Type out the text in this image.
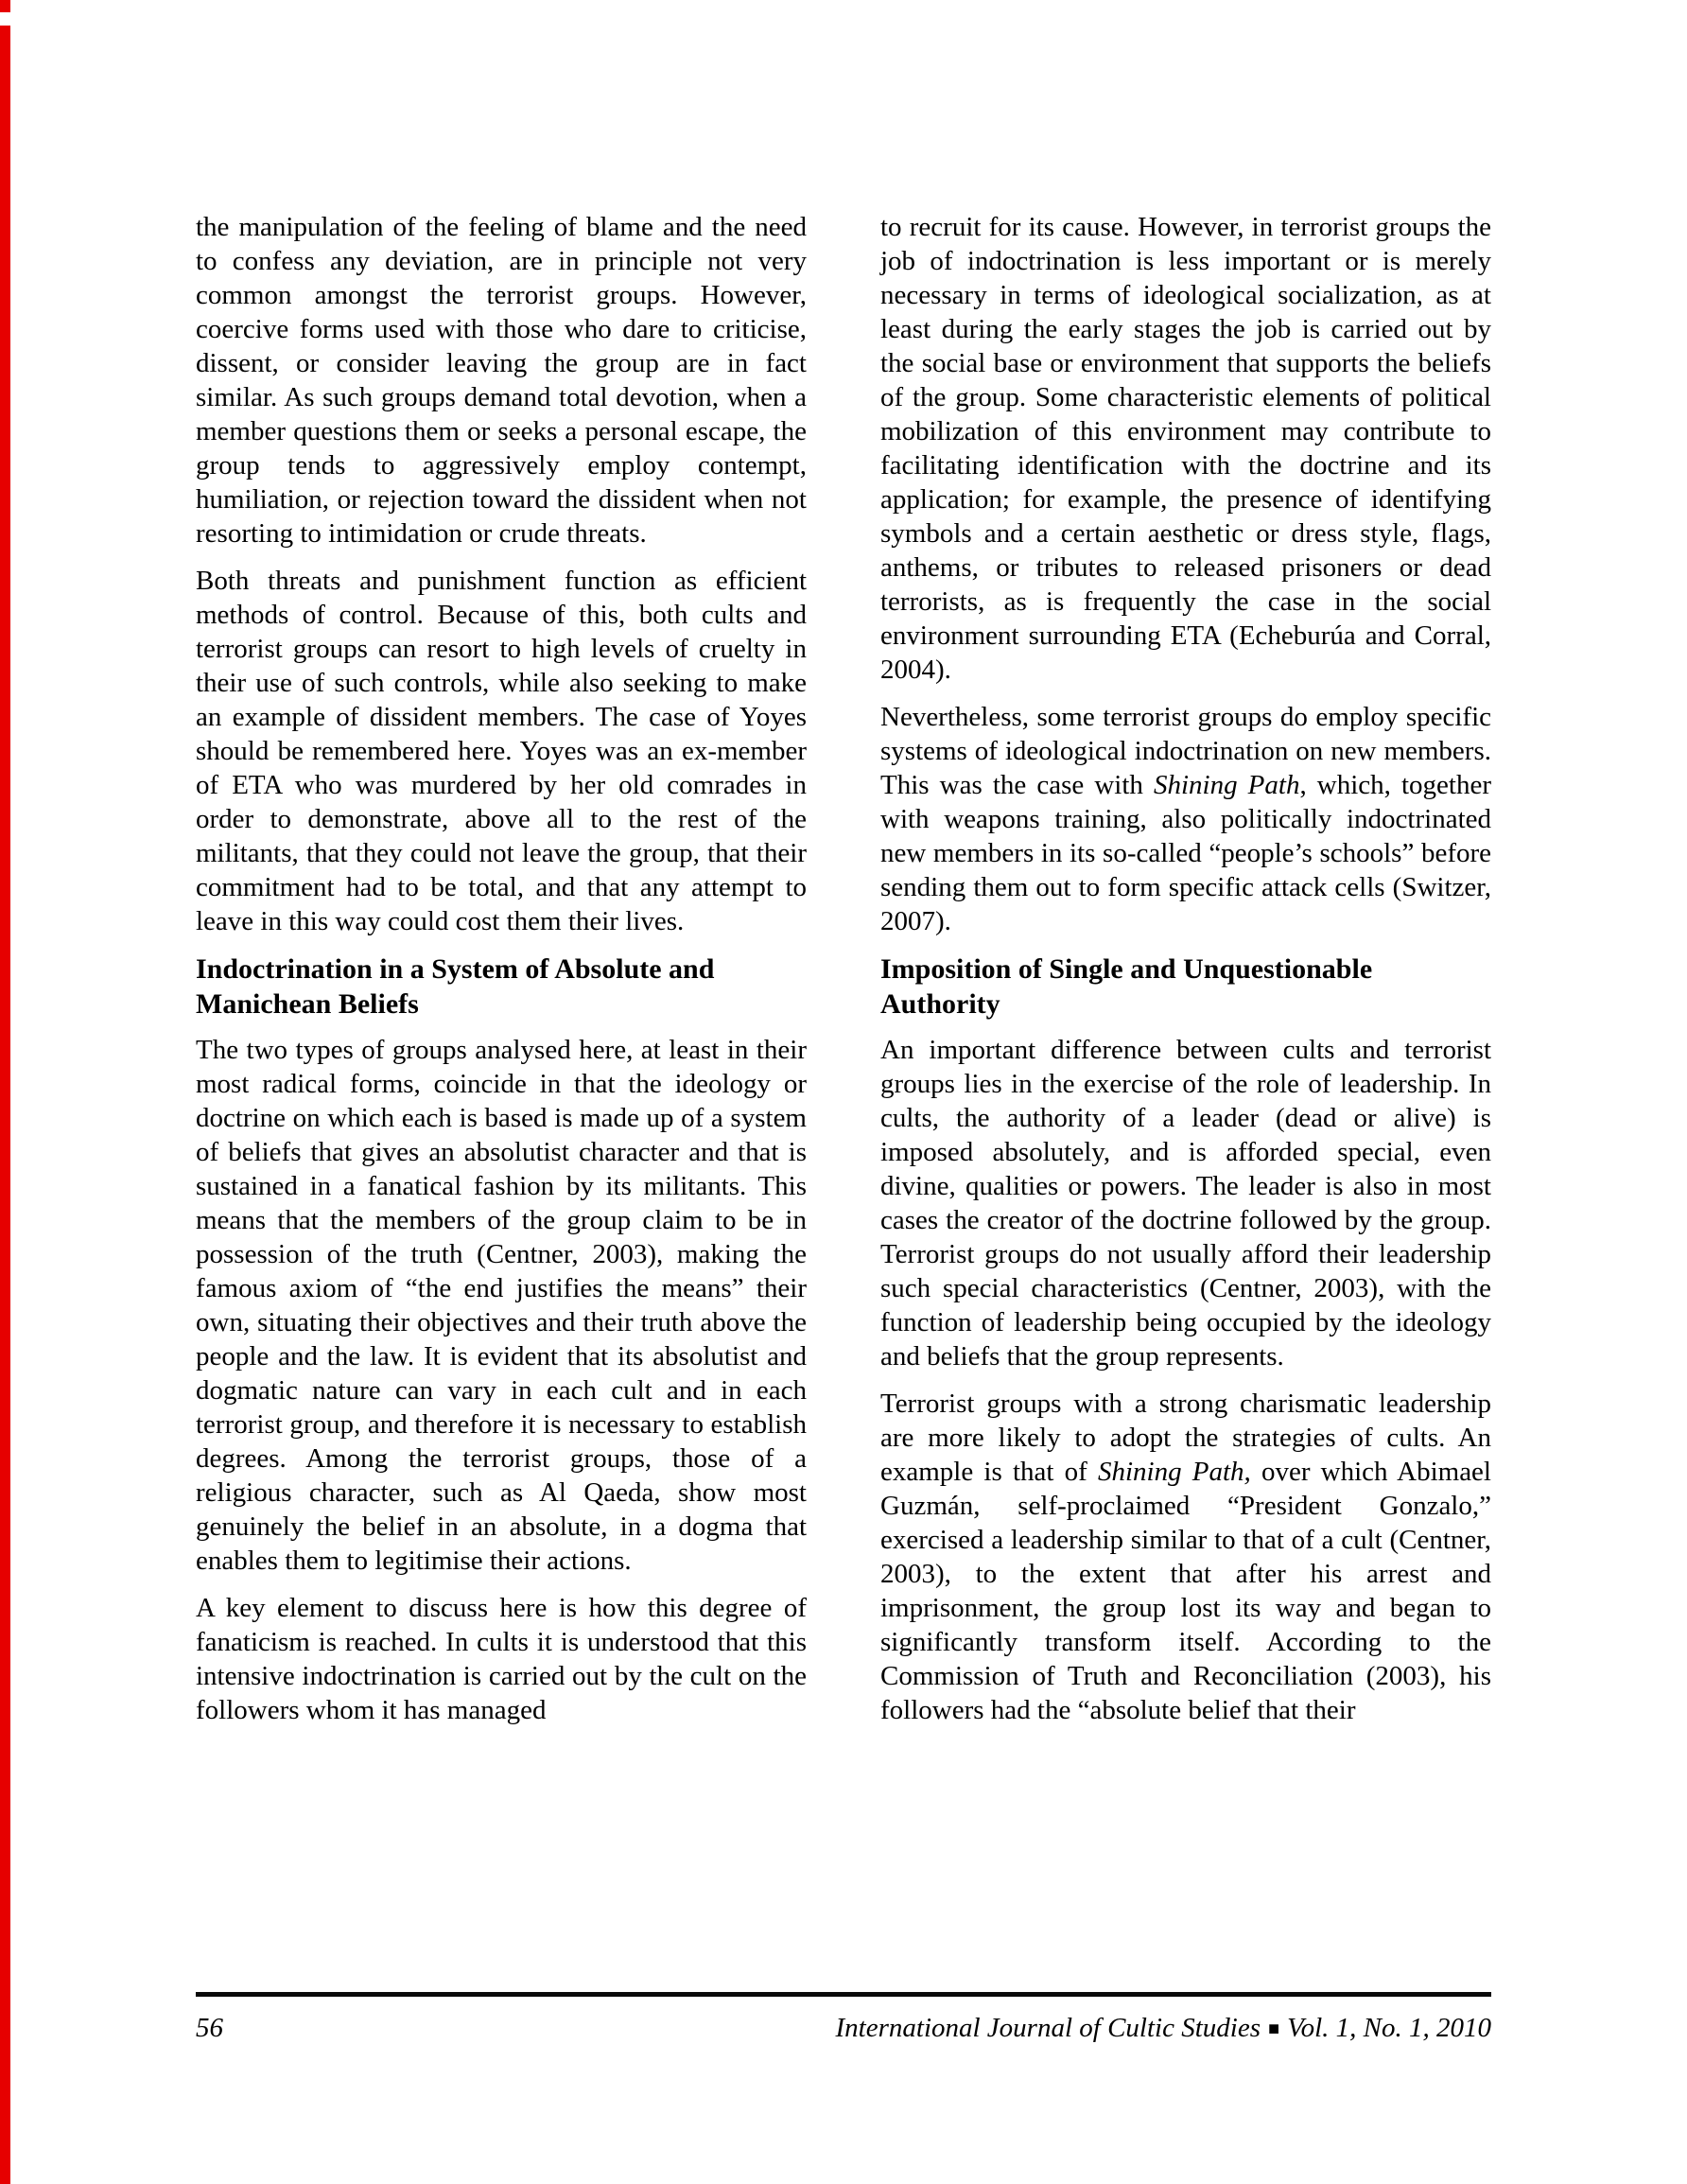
the manipulation of the feeling of blame and the need to confess any deviation, are in principle not very common amongst the terrorist groups. However, coercive forms used with those who dare to criticise, dissent, or consider leaving the group are in fact similar. As such groups demand total devotion, when a member questions them or seeks a personal escape, the group tends to aggressively employ contempt, humiliation, or rejection toward the dissident when not resorting to intimidation or crude threats.

Both threats and punishment function as efficient methods of control. Because of this, both cults and terrorist groups can resort to high levels of cruelty in their use of such controls, while also seeking to make an example of dissident members. The case of Yoyes should be remembered here. Yoyes was an ex-member of ETA who was murdered by her old comrades in order to demonstrate, above all to the rest of the militants, that they could not leave the group, that their commitment had to be total, and that any attempt to leave in this way could cost them their lives.

Indoctrination in a System of Absolute and Manichean Beliefs

The two types of groups analysed here, at least in their most radical forms, coincide in that the ideology or doctrine on which each is based is made up of a system of beliefs that gives an absolutist character and that is sustained in a fanatical fashion by its militants. This means that the members of the group claim to be in possession of the truth (Centner, 2003), making the famous axiom of “the end justifies the means” their own, situating their objectives and their truth above the people and the law. It is evident that its absolutist and dogmatic nature can vary in each cult and in each terrorist group, and therefore it is necessary to establish degrees. Among the terrorist groups, those of a religious character, such as Al Qaeda, show most genuinely the belief in an absolute, in a dogma that enables them to legitimise their actions.

A key element to discuss here is how this degree of fanaticism is reached. In cults it is understood that this intensive indoctrination is carried out by the cult on the followers whom it has managed

to recruit for its cause. However, in terrorist groups the job of indoctrination is less important or is merely necessary in terms of ideological socialization, as at least during the early stages the job is carried out by the social base or environment that supports the beliefs of the group. Some characteristic elements of political mobilization of this environment may contribute to facilitating identification with the doctrine and its application; for example, the presence of identifying symbols and a certain aesthetic or dress style, flags, anthems, or tributes to released prisoners or dead terrorists, as is frequently the case in the social environment surrounding ETA (Echeburúa and Corral, 2004).

Nevertheless, some terrorist groups do employ specific systems of ideological indoctrination on new members. This was the case with Shining Path, which, together with weapons training, also politically indoctrinated new members in its so-called “people’s schools” before sending them out to form specific attack cells (Switzer, 2007).

Imposition of Single and Unquestionable Authority

An important difference between cults and terrorist groups lies in the exercise of the role of leadership. In cults, the authority of a leader (dead or alive) is imposed absolutely, and is afforded special, even divine, qualities or powers. The leader is also in most cases the creator of the doctrine followed by the group. Terrorist groups do not usually afford their leadership such special characteristics (Centner, 2003), with the function of leadership being occupied by the ideology and beliefs that the group represents.

Terrorist groups with a strong charismatic leadership are more likely to adopt the strategies of cults. An example is that of Shining Path, over which Abimael Guzmán, self-proclaimed “President Gonzalo,” exercised a leadership similar to that of a cult (Centner, 2003), to the extent that after his arrest and imprisonment, the group lost its way and began to significantly transform itself. According to the Commission of Truth and Reconciliation (2003), his followers had the “absolute belief that their

56	International Journal of Cultic Studies ■ Vol. 1, No. 1, 2010
